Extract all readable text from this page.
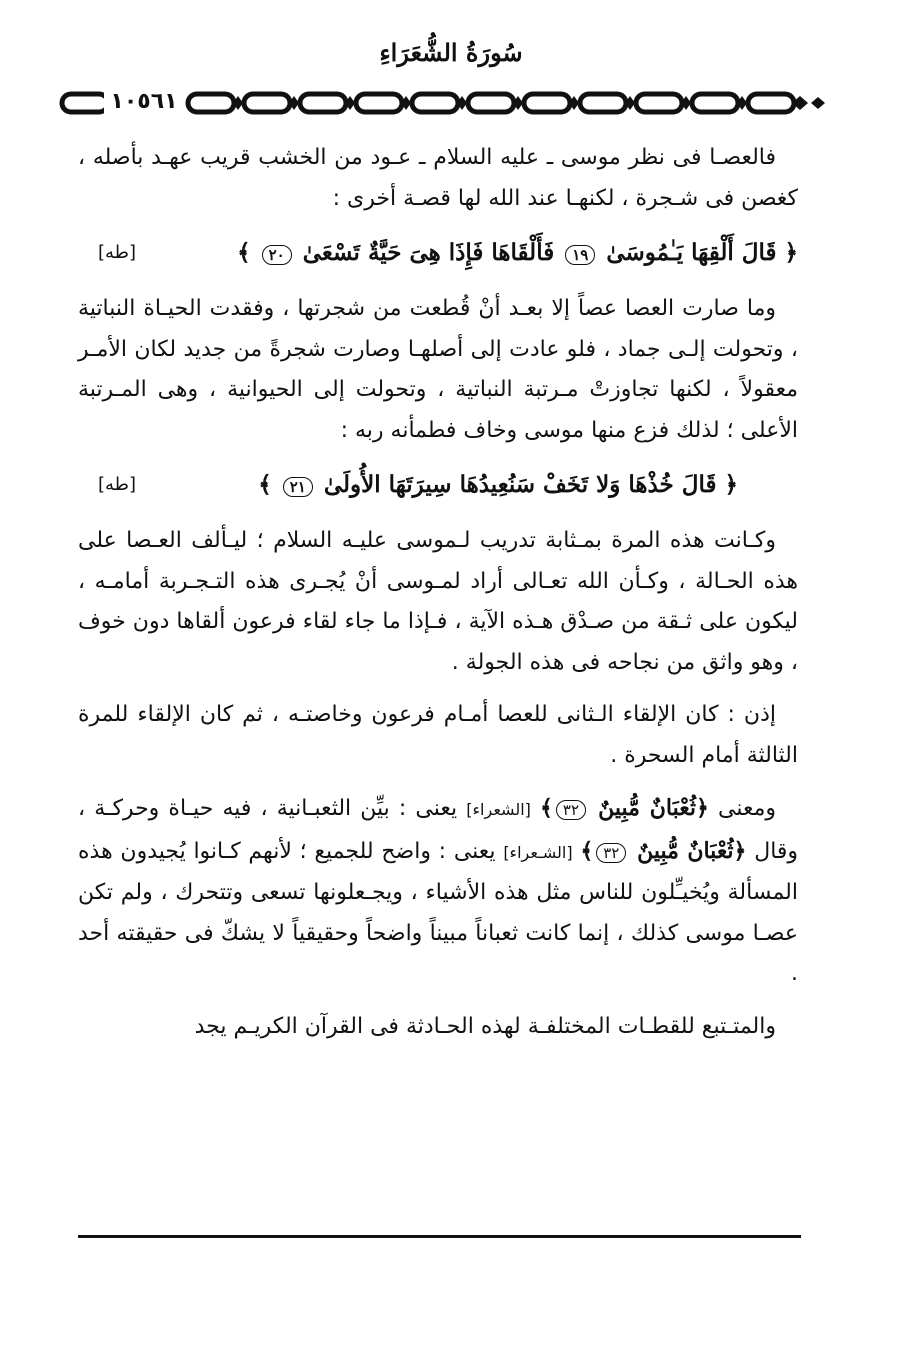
سُورَةُ الشُّعَرَاءِ
١٠٥٦١

فالعصـا فى نظر موسى ـ عليه السلام ـ عـود من الخشب قريب عهـد بأصله ، كغصن فى شـجرة ، لكنهـا عند الله لها قصـة أخرى :

﴿ قَالَ أَلْقِهَا يَـٰمُوسَىٰ ١٩ فَأَلْقَاهَا فَإِذَا هِىَ حَيَّةٌ تَسْعَىٰ ٢٠ ﴾
[طه]

وما صارت العصا عصاً إلا بعـد أنْ قُطعت من شجرتها ، وفقدت الحيـاة النباتية ، وتحولت إلـى جماد ، فلو عادت إلى أصلهـا وصارت شجرةً من جديد لكان الأمـر معقولاً ، لكنها تجاوزتْ مـرتبة النباتية ، وتحولت إلى الحيوانية ، وهى المـرتبة الأعلى ؛ لذلك فزع منها موسى وخاف فطمأنه ربه :

﴿ قَالَ خُذْهَا وَلا تَخَفْ سَنُعِيدُهَا سِيرَتَهَا الأُولَىٰ ٢١ ﴾
[طه]

وكـانت هذه المرة بمـثابة تدريب لـموسى عليـه السلام ؛ ليـألف العـصا على هذه الحـالة ، وكـأن الله تعـالى أراد لمـوسى أنْ يُجـرى هذه التـجـربة أمامـه ، ليكون على ثـقة من صـدْق هـذه الآية ، فـإذا ما جاء لقاء فرعون ألقاها دون خوف ، وهو واثق من نجاحه فى هذه الجولة .

إذن : كان الإلقاء الـثانى للعصا أمـام فرعون وخاصتـه ، ثم كان الإلقاء للمرة الثالثة أمام السحرة .

ومعنى ﴿ثُعْبَانٌ مُّبِينٌ ٣٢﴾ [الشعراء] يعنى : بيِّن الثعبـانية ، فيه حيـاة وحركـة ، وقال ﴿ثُعْبَانٌ مُّبِينٌ ٣٢﴾ [الشـعراء] يعنى : واضح للجميع ؛ لأنهم كـانوا يُجيدون هذه المسألة ويُخيـِّلون للناس مثل هذه الأشياء ، ويجـعلونها تسعى وتتحرك ، ولم تكن عصـا موسى كذلك ، إنما كانت ثعباناً مبيناً واضحاً وحقيقياً لا يشكّ فى حقيقته أحد .

والمتـتبع للقطـات المختلفـة لهذه الحـادثة فى القرآن الكريـم يجد
